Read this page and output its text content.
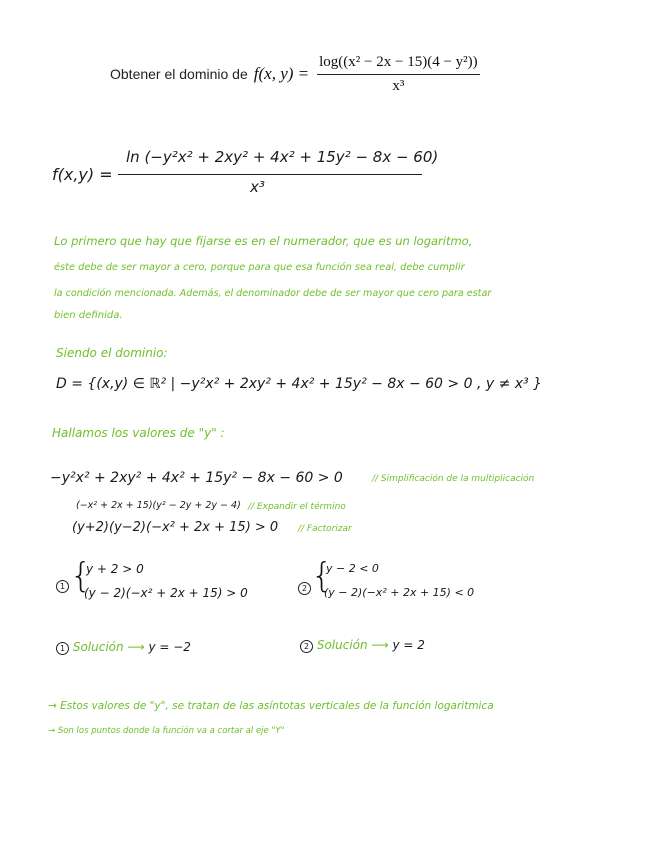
Obtener el dominio de f(x, $y) = \frac{\text{log((x² − 2x − 15)(4 − y²))}}{\text{x³}}$
f(x,y) =
ln (−y²x² + 2xy² + 4x² + 15y² − 8x − 60)
x³
Lo primero que hay que fijarse es en el numerador, que es un logaritmo,
éste debe de ser mayor a cero, porque para que esa función sea real, debe cumplir
la condición mencionada. Además, el denominador debe de ser mayor que cero para estar
bien definida.
Siendo el dominio:
D = {(x,y) ∈ ℝ² | −y²x² + 2xy² + 4x² + 15y² − 8x − 60 > 0 , y ≠ x³ }
Hallamos los valores de "y" :
−y²x² + 2xy² + 4x² + 15y² − 8x − 60 > 0	// Simplificación de la multiplicación
(−x² + 2x + 15)(y² − 2y + 2y − 4) // Expandir el término
(y+2)(y−2)(−x² + 2x + 15) > 0 // Factorizar
1 {
y + 2 > 0
(y − 2)(−x² + 2x + 15) > 0	2 {
y − 2 < 0
(y − 2)(−x² + 2x + 15) < 0
1 Solución ⟶ y = −2	2 Solución ⟶ y = 2
→ Estos valores de "y", se tratan de las asíntotas verticales de la función logaritmica
→ Son los puntos donde la función va a cortar al eje "Y"
